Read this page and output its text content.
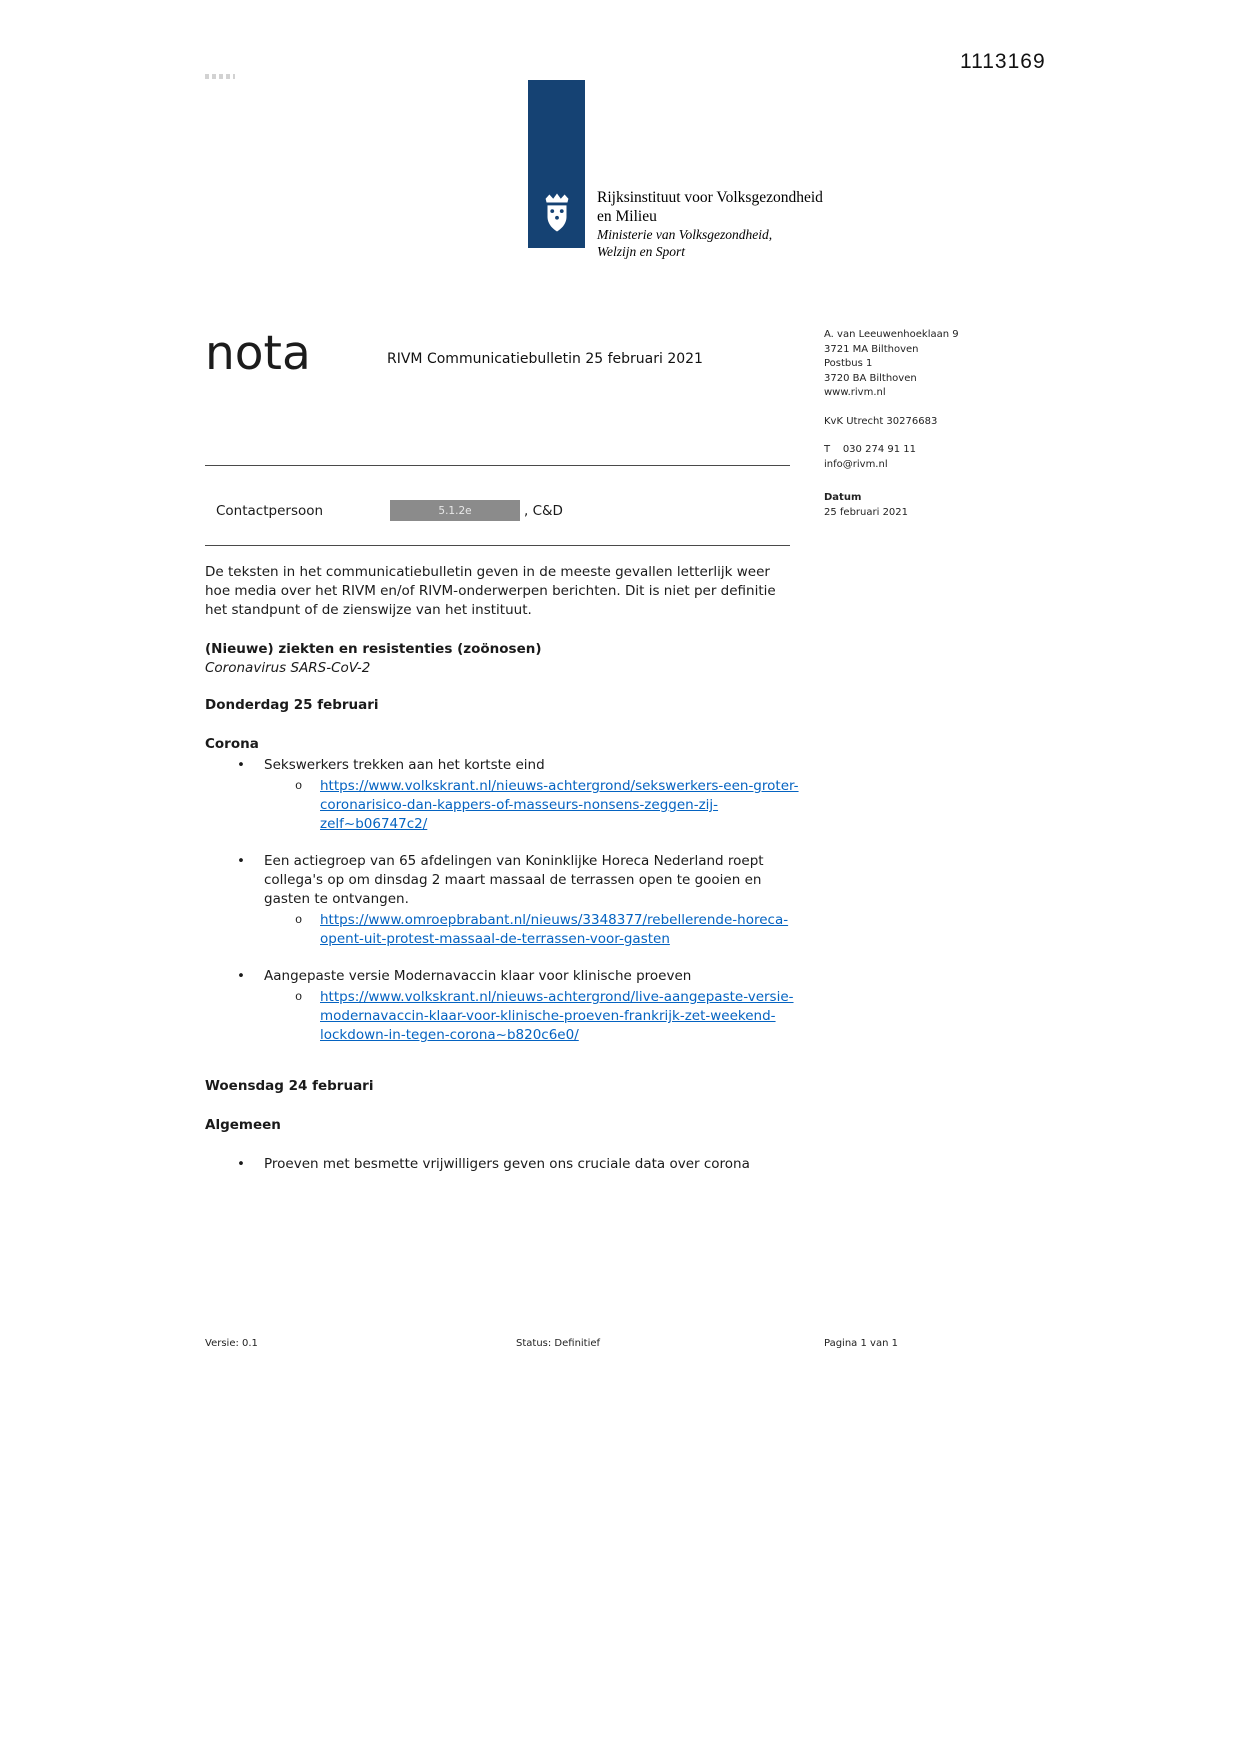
1113169
Rijksinstituut voor Volksgezondheid
en Milieu
Ministerie van Volksgezondheid,
Welzijn en Sport
nota	RIVM Communicatiebulletin 25 februari 2021
A. van Leeuwenhoeklaan 9
3721 MA Bilthoven
Postbus 1
3720 BA Bilthoven
www.rivm.nl
KvK Utrecht 30276683
T    030 274 91 11
info@rivm.nl
Datum
25 februari 2021
Contactpersoon	5.1.2e	, C&D

De teksten in het communicatiebulletin geven in de meeste gevallen letterlijk weer hoe media over het RIVM en/of RIVM-onderwerpen berichten. Dit is niet per definitie het standpunt of de zienswijze van het instituut.

(Nieuwe) ziekten en resistenties (zoönosen)
Coronavirus SARS-CoV-2
Donderdag 25 februari
Corona
•	Sekswerkers trekken aan het kortste eind
o	https://www.volkskrant.nl/nieuws-achtergrond/sekswerkers-een-groter-coronarisico-dan-kappers-of-masseurs-nonsens-zeggen-zij-zelf~b06747c2/
•	Een actiegroep van 65 afdelingen van Koninklijke Horeca Nederland roept collega's op om dinsdag 2 maart massaal de terrassen open te gooien en gasten te ontvangen.
o	https://www.omroepbrabant.nl/nieuws/3348377/rebellerende-horeca-opent-uit-protest-massaal-de-terrassen-voor-gasten
•	Aangepaste versie Modernavaccin klaar voor klinische proeven
o	https://www.volkskrant.nl/nieuws-achtergrond/live-aangepaste-versie-modernavaccin-klaar-voor-klinische-proeven-frankrijk-zet-weekend-lockdown-in-tegen-corona~b820c6e0/
Woensdag 24 februari
Algemeen
•	Proeven met besmette vrijwilligers geven ons cruciale data over corona
Versie: 0.1	Status: Definitief	Pagina 1 van 1
